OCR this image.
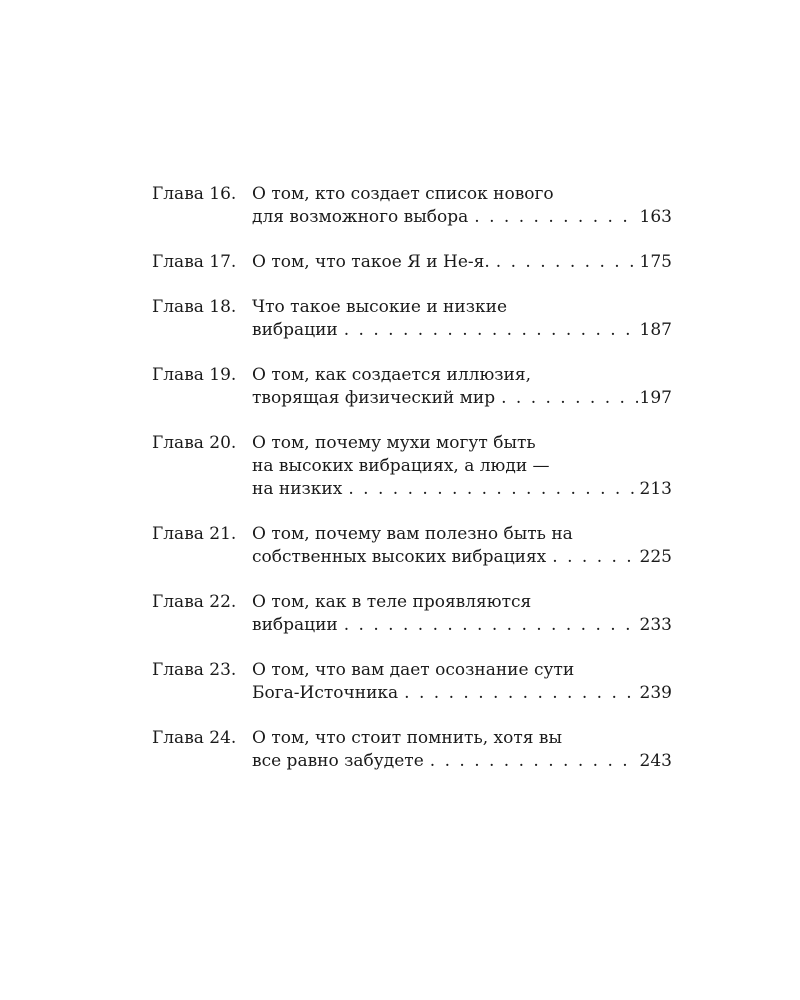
Глава 16. О том, кто создает список нового
для возможного выбора . . .	163
Глава 17. О том, что такое Я и Не-я. . . .	175
Глава 18. Что такое высокие и низкие
вибрации . . .	187
Глава 19. О том, как создается иллюзия,
творящая физический мир . . .	197
Глава 20. О том, почему мухи могут быть
на высоких вибрациях, а люди —
на низких . . .	213
Глава 21. О том, почему вам полезно быть на
собственных высоких вибрациях . . .	225
Глава 22. О том, как в теле проявляются
вибрации . . .	233
Глава 23. О том, что вам дает осознание сути
Бога-Источника . . .	239
Глава 24. О том, что стоит помнить, хотя вы
все равно забудете . . .	243
